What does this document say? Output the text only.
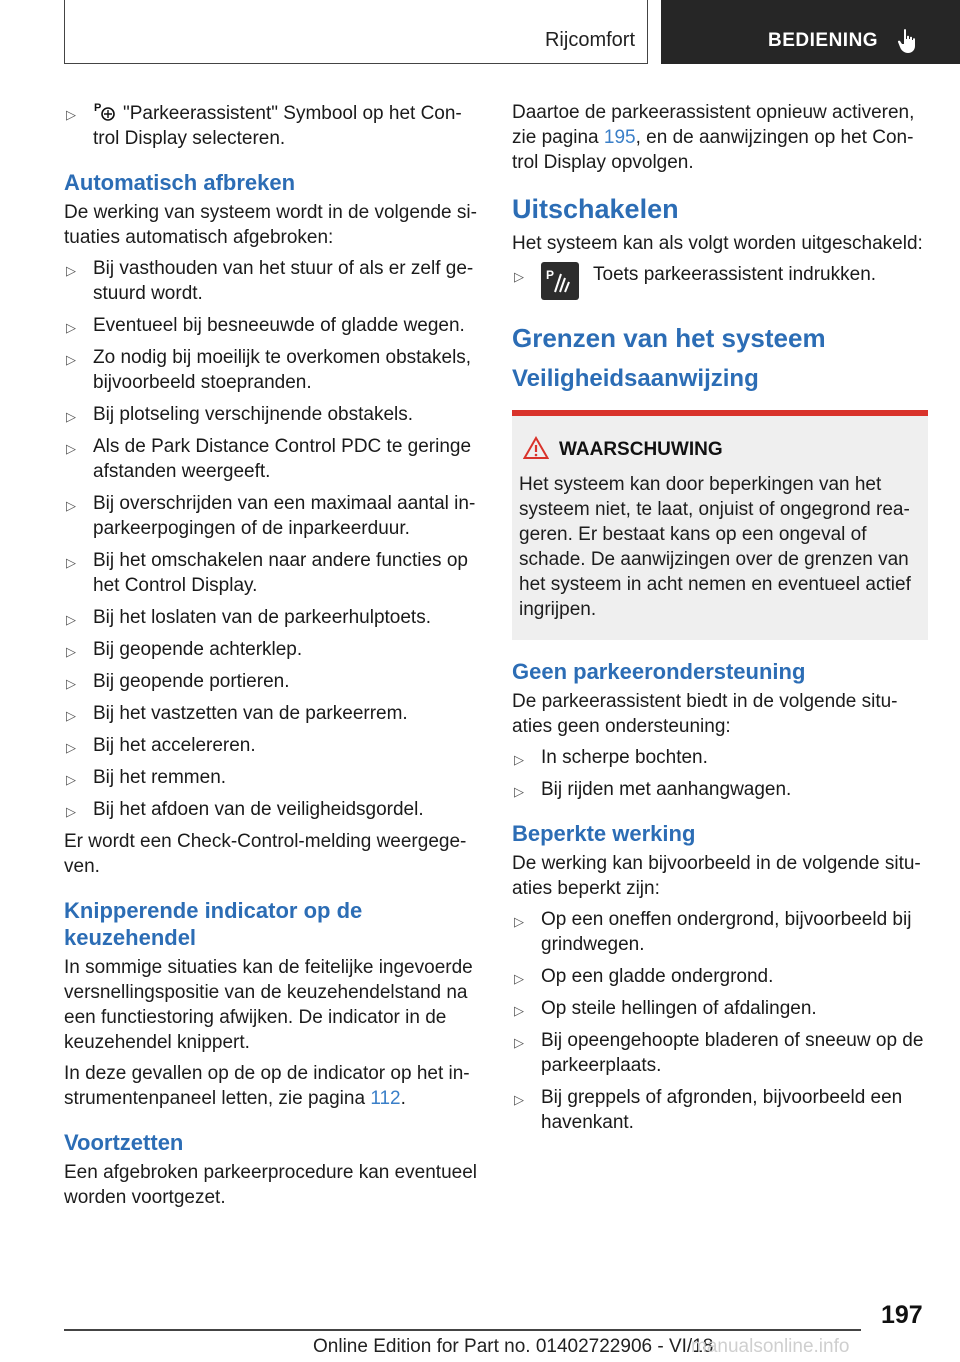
Rijcomfort	BEDIENING
▷ P "Parkeerassistent" Symbool op het Con-trol Display selecteren.
Automatisch afbreken

De werking van systeem wordt in de volgende si-tuaties automatisch afgebroken:

▷ Bij vasthouden van het stuur of als er zelf ge-stuurd wordt.
▷ Eventueel bij besneeuwde of gladde wegen.
▷ Zo nodig bij moeilijk te overkomen obstakels, bijvoorbeeld stoepranden.
▷ Bij plotseling verschijnende obstakels.
▷ Als de Park Distance Control PDC te geringe afstanden weergeeft.
▷ Bij overschrijden van een maximaal aantal in-parkeerpogingen of de inparkeerduur.
▷ Bij het omschakelen naar andere functies op het Control Display.
▷ Bij het loslaten van de parkeerhulptoets.
▷ Bij geopende achterklep.
▷ Bij geopende portieren.
▷ Bij het vastzetten van de parkeerrem.
▷ Bij het accelereren.
▷ Bij het remmen.
▷ Bij het afdoen van de veiligheidsgordel.

Er wordt een Check-Control-melding weergege-ven.

Knipperende indicator op de keuzehendel

In sommige situaties kan de feitelijke ingevoerde versnellingspositie van de keuzehendelstand na een functiestoring afwijken. De indicator in de keuzehendel knippert.

In deze gevallen op de op de indicator op het in-strumentenpaneel letten, zie pagina 112.

Voortzetten

Een afgebroken parkeerprocedure kan eventueel worden voortgezet.

Daartoe de parkeerassistent opnieuw activeren, zie pagina 195, en de aanwijzingen op het Con-trol Display opvolgen.

Uitschakelen

Het systeem kan als volgt worden uitgeschakeld:

▷ P Toets parkeerassistent indrukken.
Grenzen van het systeem
Veiligheidsaanwijzing
WAARSCHUWING

Het systeem kan door beperkingen van het systeem niet, te laat, onjuist of ongegrond rea-geren. Er bestaat kans op een ongeval of schade. De aanwijzingen over de grenzen van het systeem in acht nemen en eventueel actief ingrijpen.

Geen parkeerondersteuning

De parkeerassistent biedt in de volgende situ-aties geen ondersteuning:

▷ In scherpe bochten.
▷ Bij rijden met aanhangwagen.
Beperkte werking

De werking kan bijvoorbeeld in de volgende situ-aties beperkt zijn:

▷ Op een oneffen ondergrond, bijvoorbeeld bij grindwegen.
▷ Op een gladde ondergrond.
▷ Op steile hellingen of afdalingen.
▷ Bij opeengehoopte bladeren of sneeuw op de parkeerplaats.
▷ Bij greppels of afgronden, bijvoorbeeld een havenkant.
197
Online Edition for Part no. 01402722906 - VI/18
manualsonline.info
